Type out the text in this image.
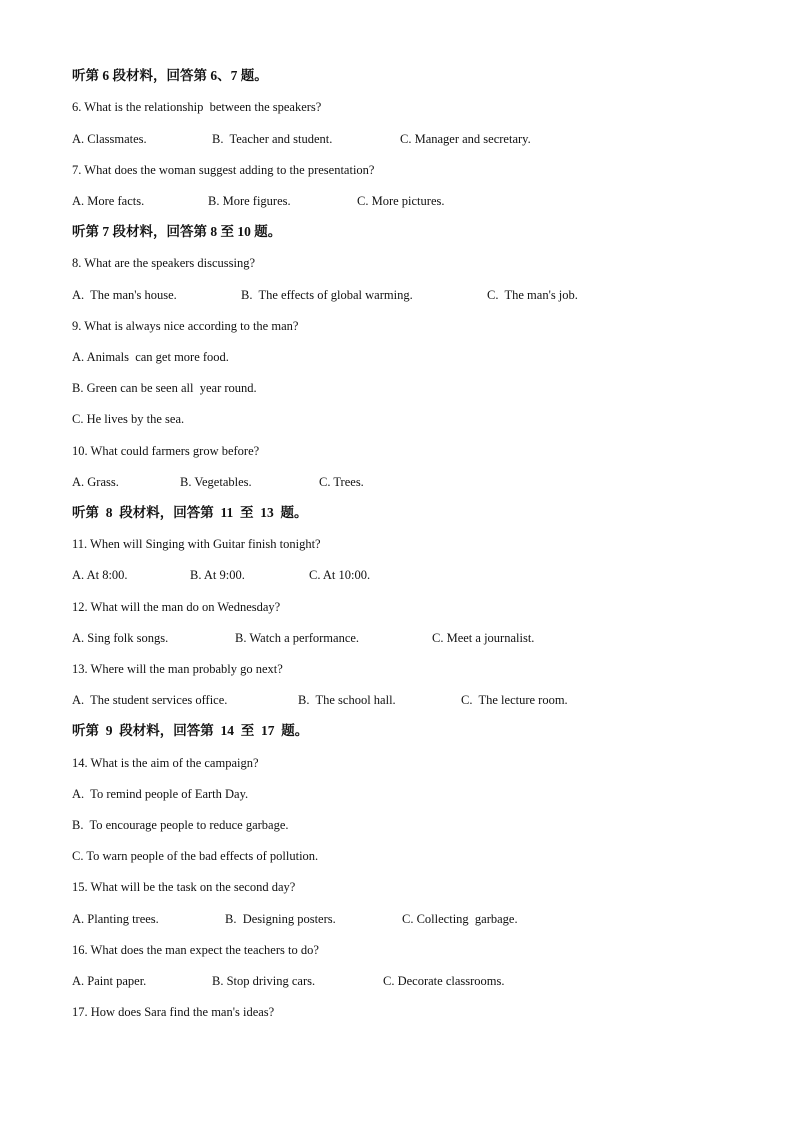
听第 6 段材料，回答第 6、7 题。
6. What is the relationship  between the speakers?
A. Classmates.	B.  Teacher and student.	C. Manager and secretary.
7. What does the woman suggest adding to the presentation?
A. More facts.	B. More figures.	C. More pictures.
听第 7 段材料，回答第 8 至 10 题。
8. What are the speakers discussing?
A.  The man's house.	B.  The effects of global warming.	C.  The man's job.
9. What is always nice according to the man?
A. Animals  can get more food.
B. Green can be seen all  year round.
C. He lives by the sea.
10. What could farmers grow before?
A. Grass.	B. Vegetables.	C. Trees.
听第  8  段材料，回答第  11  至  13  题。
11. When will Singing with Guitar finish tonight?
A. At 8:00.	B. At 9:00.	C. At 10:00.
12. What will the man do on Wednesday?
A. Sing folk songs.	B. Watch a performance.	C. Meet a journalist.
13. Where will the man probably go next?
A.  The student services office.	B.  The school hall.	C.  The lecture room.
听第  9  段材料，回答第  14  至  17  题。
14. What is the aim of the campaign?
A.  To remind people of Earth Day.
B.  To encourage people to reduce garbage.
C. To warn people of the bad effects of pollution.
15. What will be the task on the second day?
A. Planting trees.	B.  Designing posters.	C. Collecting  garbage.
16. What does the man expect the teachers to do?
A. Paint paper.	B. Stop driving cars.	C. Decorate classrooms.
17. How does Sara find the man's ideas?
